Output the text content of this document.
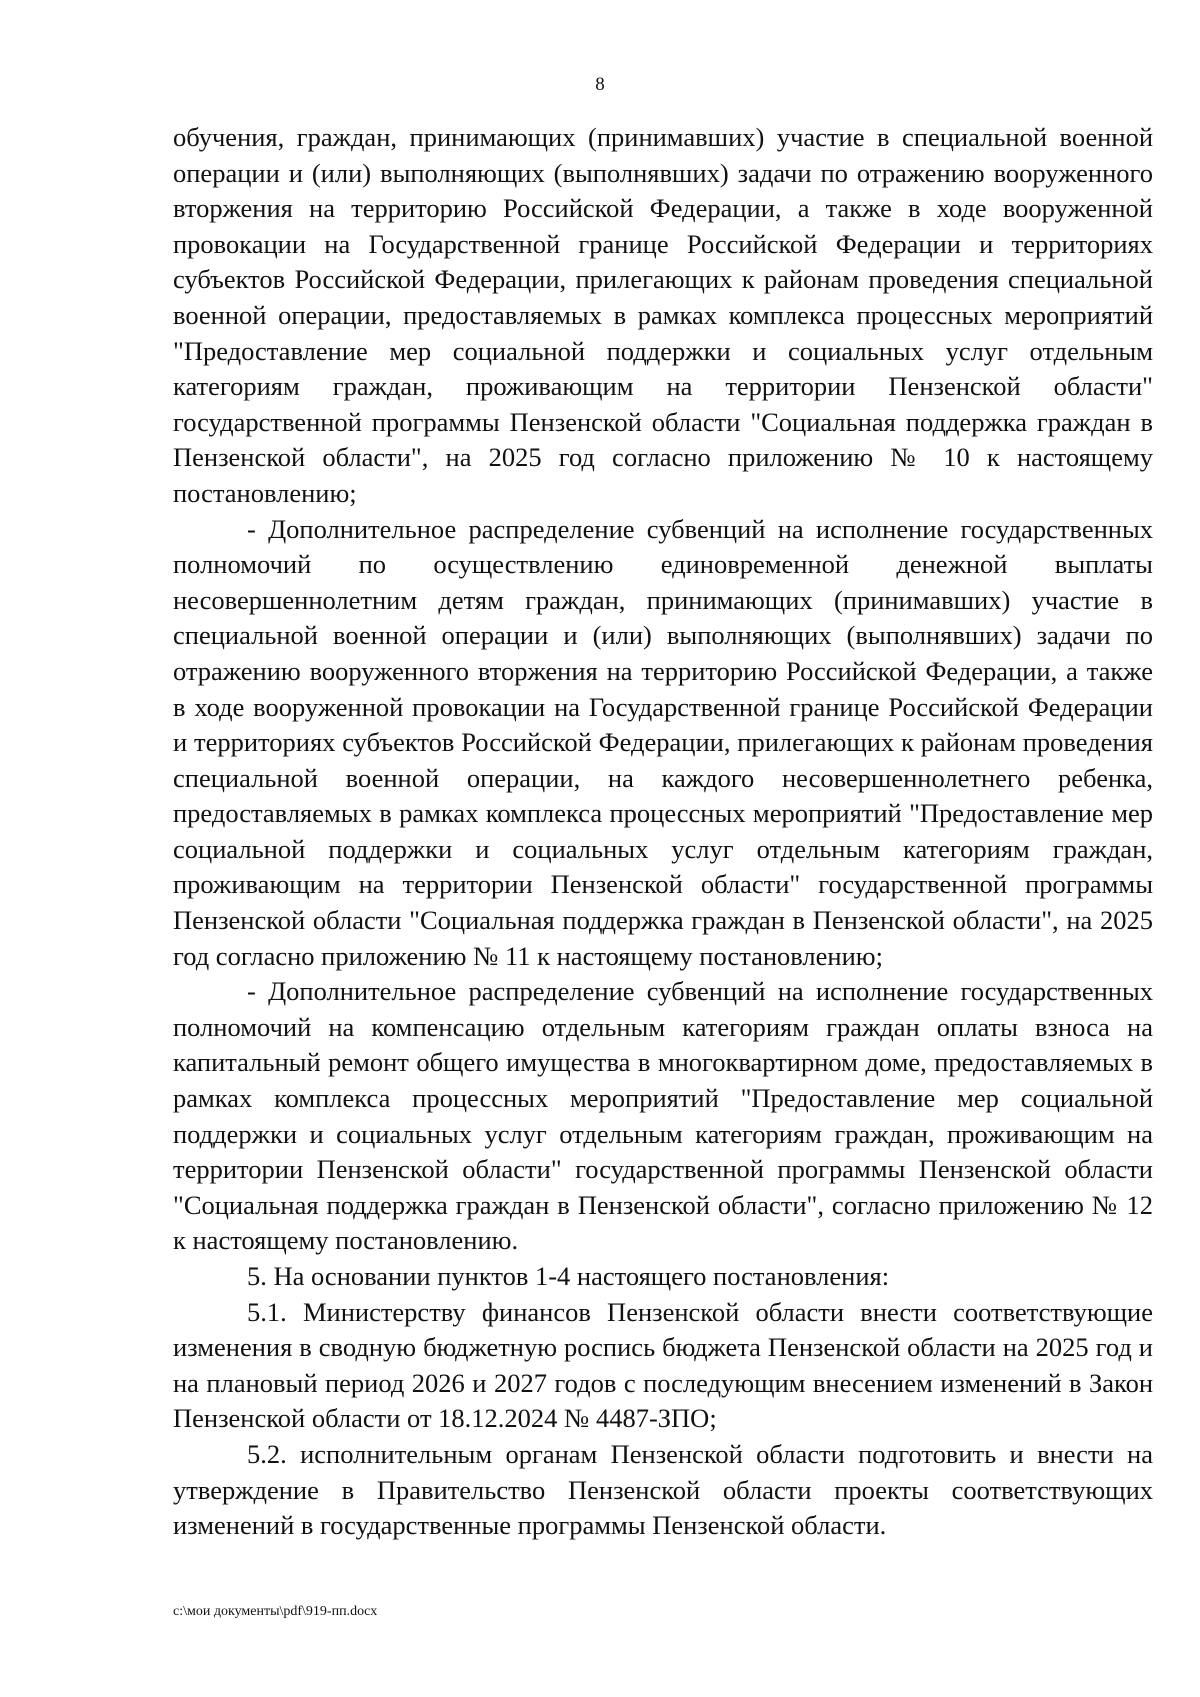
8

обучения, граждан, принимающих (принимавших) участие в специальной военной операции и (или) выполняющих (выполнявших) задачи по отражению вооруженного вторжения на территорию Российской Федерации, а также в ходе вооруженной провокации на Государственной границе Российской Федерации и территориях субъектов Российской Федерации, прилегающих к районам проведения специальной военной операции, предоставляемых в рамках комплекса процессных мероприятий "Предоставление мер социальной поддержки и социальных услуг отдельным категориям граждан, проживающим на территории Пензенской области" государственной программы Пензенской области "Социальная поддержка граждан в Пензенской области", на 2025 год согласно приложению № 10 к настоящему постановлению;

- Дополнительное распределение субвенций на исполнение государственных полномочий по осуществлению единовременной денежной выплаты несовершеннолетним детям граждан, принимающих (принимавших) участие в специальной военной операции и (или) выполняющих (выполнявших) задачи по отражению вооруженного вторжения на территорию Российской Федерации, а также в ходе вооруженной провокации на Государственной границе Российской Федерации и территориях субъектов Российской Федерации, прилегающих к районам проведения специальной военной операции, на каждого несовершеннолетнего ребенка, предоставляемых в рамках комплекса процессных мероприятий "Предоставление мер социальной поддержки и социальных услуг отдельным категориям граждан, проживающим на территории Пензенской области" государственной программы Пензенской области "Социальная поддержка граждан в Пензенской области", на 2025 год согласно приложению № 11 к настоящему постановлению;

- Дополнительное распределение субвенций на исполнение государственных полномочий на компенсацию отдельным категориям граждан оплаты взноса на капитальный ремонт общего имущества в многоквартирном доме, предоставляемых в рамках комплекса процессных мероприятий "Предоставление мер социальной поддержки и социальных услуг отдельным категориям граждан, проживающим на территории Пензенской области" государственной программы Пензенской области "Социальная поддержка граждан в Пензенской области", согласно приложению № 12 к настоящему постановлению.

5. На основании пунктов 1-4 настоящего постановления:

5.1. Министерству финансов Пензенской области внести соответствующие изменения в сводную бюджетную роспись бюджета Пензенской области на 2025 год и на плановый период 2026 и 2027 годов с последующим внесением изменений в Закон Пензенской области от 18.12.2024 № 4487-ЗПО;

5.2. исполнительным органам Пензенской области подготовить и внести на утверждение в Правительство Пензенской области проекты соответствующих изменений в государственные программы Пензенской области.

c:\мои документы\pdf\919-пп.docx
